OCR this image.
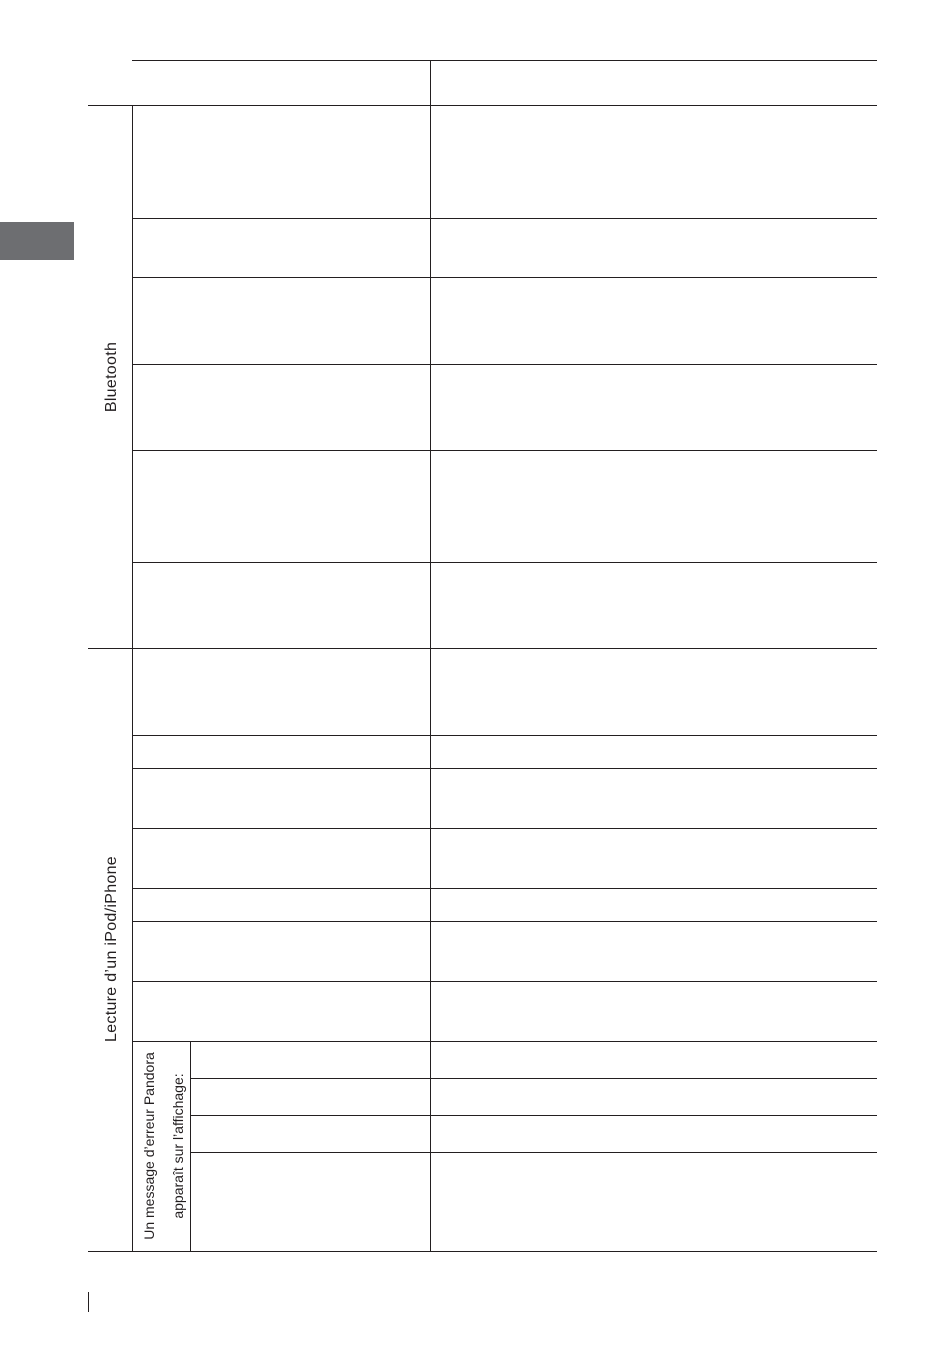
Bluetooth
Lecture d’un iPod/iPhone
Un message d’erreur Pandora apparaît sur l’affichage:
